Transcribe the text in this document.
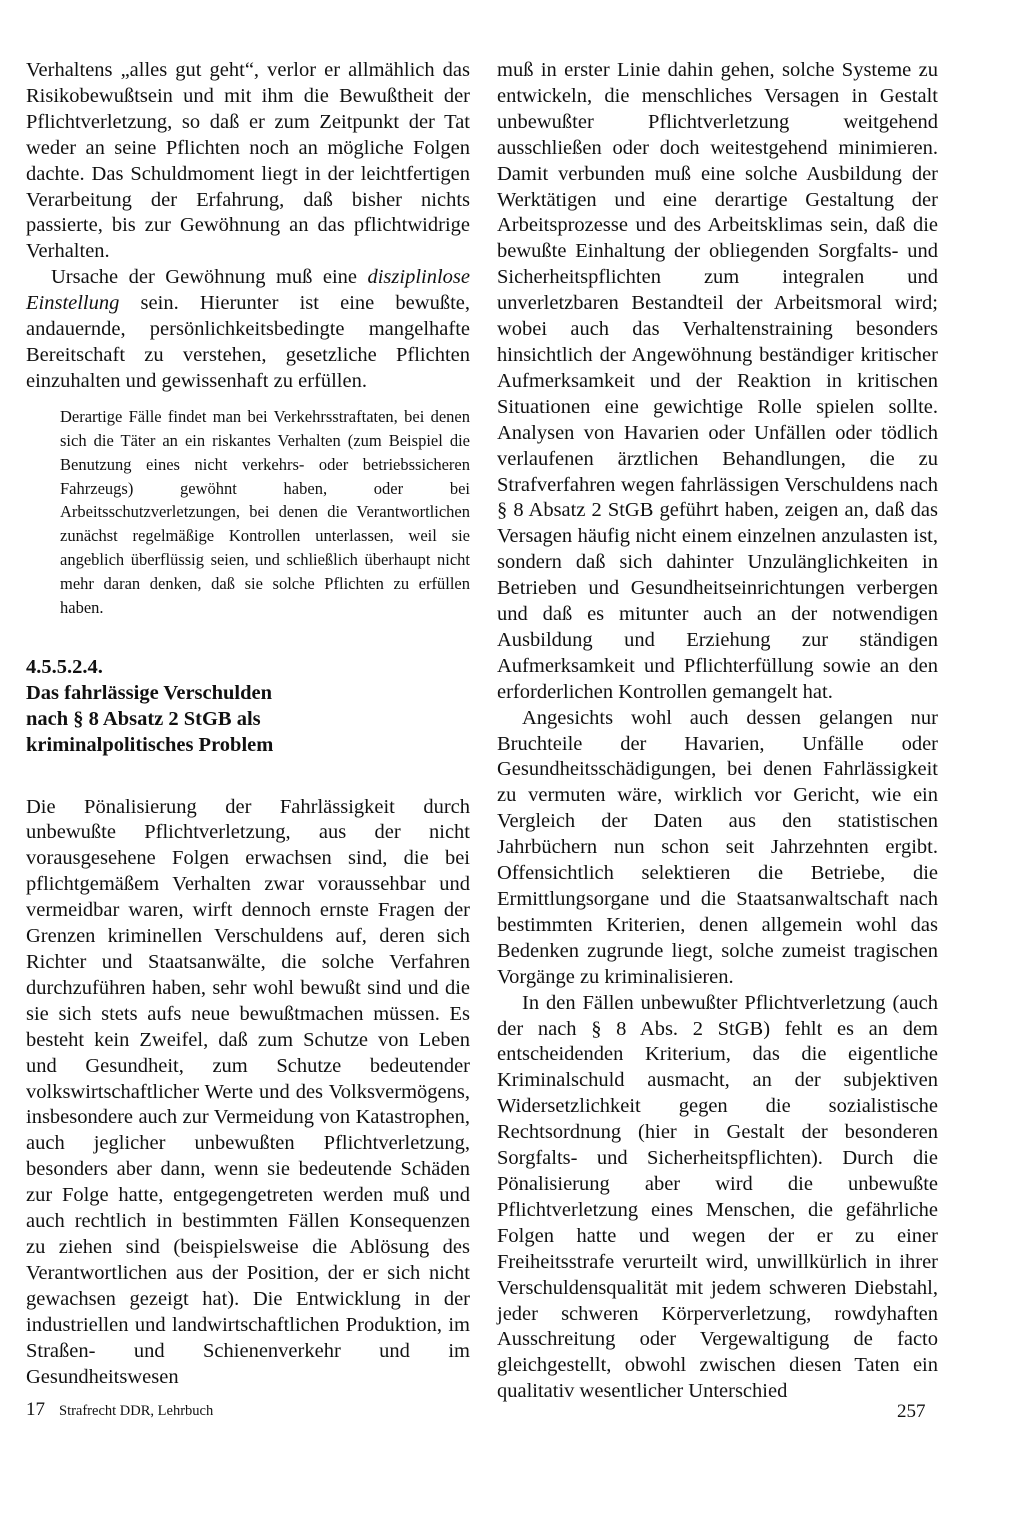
Verhaltens „alles gut geht“, verlor er allmählich das Risikobewußtsein und mit ihm die Bewußtheit der Pflichtverletzung, so daß er zum Zeitpunkt der Tat weder an seine Pflichten noch an mögliche Folgen dachte. Das Schuldmoment liegt in der leichtfertigen Verarbeitung der Erfahrung, daß bisher nichts passierte, bis zur Gewöhnung an das pflichtwidrige Verhalten.

Ursache der Gewöhnung muß eine disziplinlose Einstellung sein. Hierunter ist eine bewußte, andauernde, persönlichkeitsbedingte mangelhafte Bereitschaft zu verstehen, gesetzliche Pflichten einzuhalten und gewissenhaft zu erfüllen.

Derartige Fälle findet man bei Verkehrsstraftaten, bei denen sich die Täter an ein riskantes Verhalten (zum Beispiel die Benutzung eines nicht verkehrs- oder betriebssicheren Fahrzeugs) gewöhnt haben, oder bei Arbeitsschutzverletzungen, bei denen die Verantwortlichen zunächst regelmäßige Kontrollen unterlassen, weil sie angeblich überflüssig seien, und schließlich überhaupt nicht mehr daran denken, daß sie solche Pflichten zu erfüllen haben.

4.5.5.2.4.
Das fahrlässige Verschulden
nach § 8 Absatz 2 StGB als
kriminalpolitisches Problem

Die Pönalisierung der Fahrlässigkeit durch unbewußte Pflichtverletzung, aus der nicht vorausgesehene Folgen erwachsen sind, die bei pflichtgemäßem Verhalten zwar voraussehbar und vermeidbar waren, wirft dennoch ernste Fragen der Grenzen kriminellen Verschuldens auf, deren sich Richter und Staatsanwälte, die solche Verfahren durchzuführen haben, sehr wohl bewußt sind und die sie sich stets aufs neue bewußtmachen müssen. Es besteht kein Zweifel, daß zum Schutze von Leben und Gesundheit, zum Schutze bedeutender volkswirtschaftlicher Werte und des Volksvermögens, insbesondere auch zur Vermeidung von Katastrophen, auch jeglicher unbewußten Pflichtverletzung, besonders aber dann, wenn sie bedeutende Schäden zur Folge hatte, entgegengetreten werden muß und auch rechtlich in bestimmten Fällen Konsequenzen zu ziehen sind (beispielsweise die Ablösung des Verantwortlichen aus der Position, der er sich nicht gewachsen gezeigt hat). Die Entwicklung in der industriellen und landwirtschaftlichen Produktion, im Straßen- und Schienenverkehr und im Gesundheitswesen

muß in erster Linie dahin gehen, solche Systeme zu entwickeln, die menschliches Versagen in Gestalt unbewußter Pflichtverletzung weitgehend ausschließen oder doch weitestgehend minimieren. Damit verbunden muß eine solche Ausbildung der Werktätigen und eine derartige Gestaltung der Arbeitsprozesse und des Arbeitsklimas sein, daß die bewußte Einhaltung der obliegenden Sorgfalts- und Sicherheitspflichten zum integralen und unverletzbaren Bestandteil der Arbeitsmoral wird; wobei auch das Verhaltenstraining besonders hinsichtlich der Angewöhnung beständiger kritischer Aufmerksamkeit und der Reaktion in kritischen Situationen eine gewichtige Rolle spielen sollte. Analysen von Havarien oder Unfällen oder tödlich verlaufenen ärztlichen Behandlungen, die zu Strafverfahren wegen fahrlässigen Verschuldens nach § 8 Absatz 2 StGB geführt haben, zeigen an, daß das Versagen häufig nicht einem einzelnen anzulasten ist, sondern daß sich dahinter Unzulänglichkeiten in Betrieben und Gesundheitseinrichtungen verbergen und daß es mitunter auch an der notwendigen Ausbildung und Erziehung zur ständigen Aufmerksamkeit und Pflichterfüllung sowie an den erforderlichen Kontrollen gemangelt hat.

Angesichts wohl auch dessen gelangen nur Bruchteile der Havarien, Unfälle oder Gesundheitsschädigungen, bei denen Fahrlässigkeit zu vermuten wäre, wirklich vor Gericht, wie ein Vergleich der Daten aus den statistischen Jahrbüchern nun schon seit Jahrzehnten ergibt. Offensichtlich selektieren die Betriebe, die Ermittlungsorgane und die Staatsanwaltschaft nach bestimmten Kriterien, denen allgemein wohl das Bedenken zugrunde liegt, solche zumeist tragischen Vorgänge zu kriminalisieren.

In den Fällen unbewußter Pflichtverletzung (auch der nach § 8 Abs. 2 StGB) fehlt es an dem entscheidenden Kriterium, das die eigentliche Kriminalschuld ausmacht, an der subjektiven Widersetzlichkeit gegen die sozialistische Rechtsordnung (hier in Gestalt der besonderen Sorgfalts- und Sicherheitspflichten). Durch die Pönalisierung aber wird die unbewußte Pflichtverletzung eines Menschen, die gefährliche Folgen hatte und wegen der er zu einer Freiheitsstrafe verurteilt wird, unwillkürlich in ihrer Verschuldensqualität mit jedem schweren Diebstahl, jeder schweren Körperverletzung, rowdyhaften Ausschreitung oder Vergewaltigung de facto gleichgestellt, obwohl zwischen diesen Taten ein qualitativ wesentlicher Unterschied

17 Strafrecht DDR, Lehrbuch	257
